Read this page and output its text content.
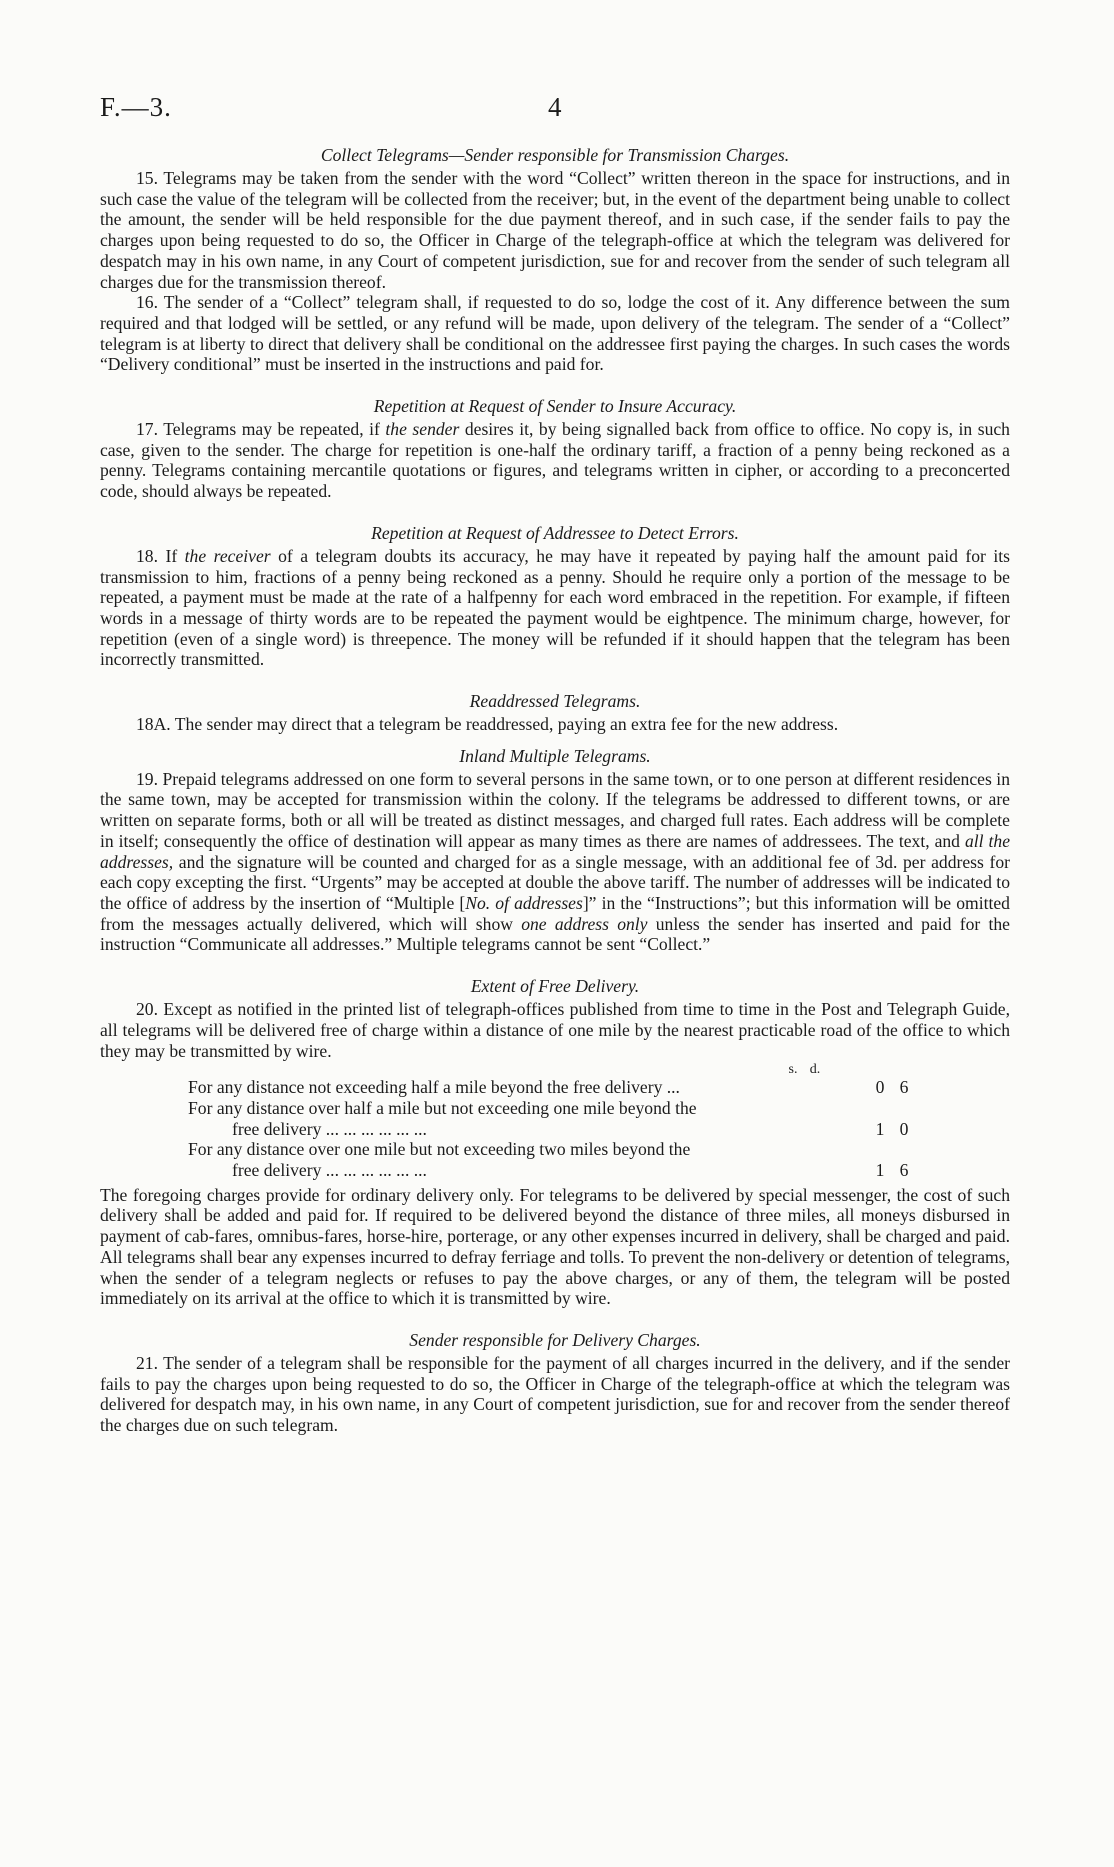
F.—3.	4
Collect Telegrams—Sender responsible for Transmission Charges.

15. Telegrams may be taken from the sender with the word “Collect” written thereon in the space for instructions, and in such case the value of the telegram will be collected from the receiver; but, in the event of the department being unable to collect the amount, the sender will be held responsible for the due payment thereof, and in such case, if the sender fails to pay the charges upon being requested to do so, the Officer in Charge of the telegraph-office at which the telegram was delivered for despatch may in his own name, in any Court of competent jurisdiction, sue for and recover from the sender of such telegram all charges due for the transmission thereof.

16. The sender of a “Collect” telegram shall, if requested to do so, lodge the cost of it. Any difference between the sum required and that lodged will be settled, or any refund will be made, upon delivery of the telegram. The sender of a “Collect” telegram is at liberty to direct that delivery shall be conditional on the addressee first paying the charges. In such cases the words “Delivery conditional” must be inserted in the instructions and paid for.

Repetition at Request of Sender to Insure Accuracy.

17. Telegrams may be repeated, if the sender desires it, by being signalled back from office to office. No copy is, in such case, given to the sender. The charge for repetition is one-half the ordinary tariff, a fraction of a penny being reckoned as a penny. Telegrams containing mercantile quotations or figures, and telegrams written in cipher, or according to a preconcerted code, should always be repeated.

Repetition at Request of Addressee to Detect Errors.

18. If the receiver of a telegram doubts its accuracy, he may have it repeated by paying half the amount paid for its transmission to him, fractions of a penny being reckoned as a penny. Should he require only a portion of the message to be repeated, a payment must be made at the rate of a halfpenny for each word embraced in the repetition. For example, if fifteen words in a message of thirty words are to be repeated the payment would be eightpence. The minimum charge, however, for repetition (even of a single word) is threepence. The money will be refunded if it should happen that the telegram has been incorrectly transmitted.

Readdressed Telegrams.

18A. The sender may direct that a telegram be readdressed, paying an extra fee for the new address.

Inland Multiple Telegrams.

19. Prepaid telegrams addressed on one form to several persons in the same town, or to one person at different residences in the same town, may be accepted for transmission within the colony. If the telegrams be addressed to different towns, or are written on separate forms, both or all will be treated as distinct messages, and charged full rates. Each address will be complete in itself; consequently the office of destination will appear as many times as there are names of addressees. The text, and all the addresses, and the signature will be counted and charged for as a single message, with an additional fee of 3d. per address for each copy excepting the first. “Urgents” may be accepted at double the above tariff. The number of addresses will be indicated to the office of address by the insertion of “Multiple [No. of addresses]” in the “Instructions”; but this information will be omitted from the messages actually delivered, which will show one address only unless the sender has inserted and paid for the instruction “Communicate all addresses.” Multiple telegrams cannot be sent “Collect.”

Extent of Free Delivery.

20. Except as notified in the printed list of telegraph-offices published from time to time in the Post and Telegraph Guide, all telegrams will be delivered free of charge within a distance of one mile by the nearest practicable road of the office to which they may be transmitted by wire.

s. d.
For any distance not exceeding half a mile beyond the free delivery ...	0 6
For any distance over half a mile but not exceeding one mile beyond the
free delivery ... ... ... ... ... ...	1 0
For any distance over one mile but not exceeding two miles beyond the
free delivery ... ... ... ... ... ...	1 6

The foregoing charges provide for ordinary delivery only. For telegrams to be delivered by special messenger, the cost of such delivery shall be added and paid for. If required to be delivered beyond the distance of three miles, all moneys disbursed in payment of cab-fares, omnibus-fares, horse-hire, porterage, or any other expenses incurred in delivery, shall be charged and paid. All telegrams shall bear any expenses incurred to defray ferriage and tolls. To prevent the non-delivery or detention of telegrams, when the sender of a telegram neglects or refuses to pay the above charges, or any of them, the telegram will be posted immediately on its arrival at the office to which it is transmitted by wire.

Sender responsible for Delivery Charges.

21. The sender of a telegram shall be responsible for the payment of all charges incurred in the delivery, and if the sender fails to pay the charges upon being requested to do so, the Officer in Charge of the telegraph-office at which the telegram was delivered for despatch may, in his own name, in any Court of competent jurisdiction, sue for and recover from the sender thereof the charges due on such telegram.
